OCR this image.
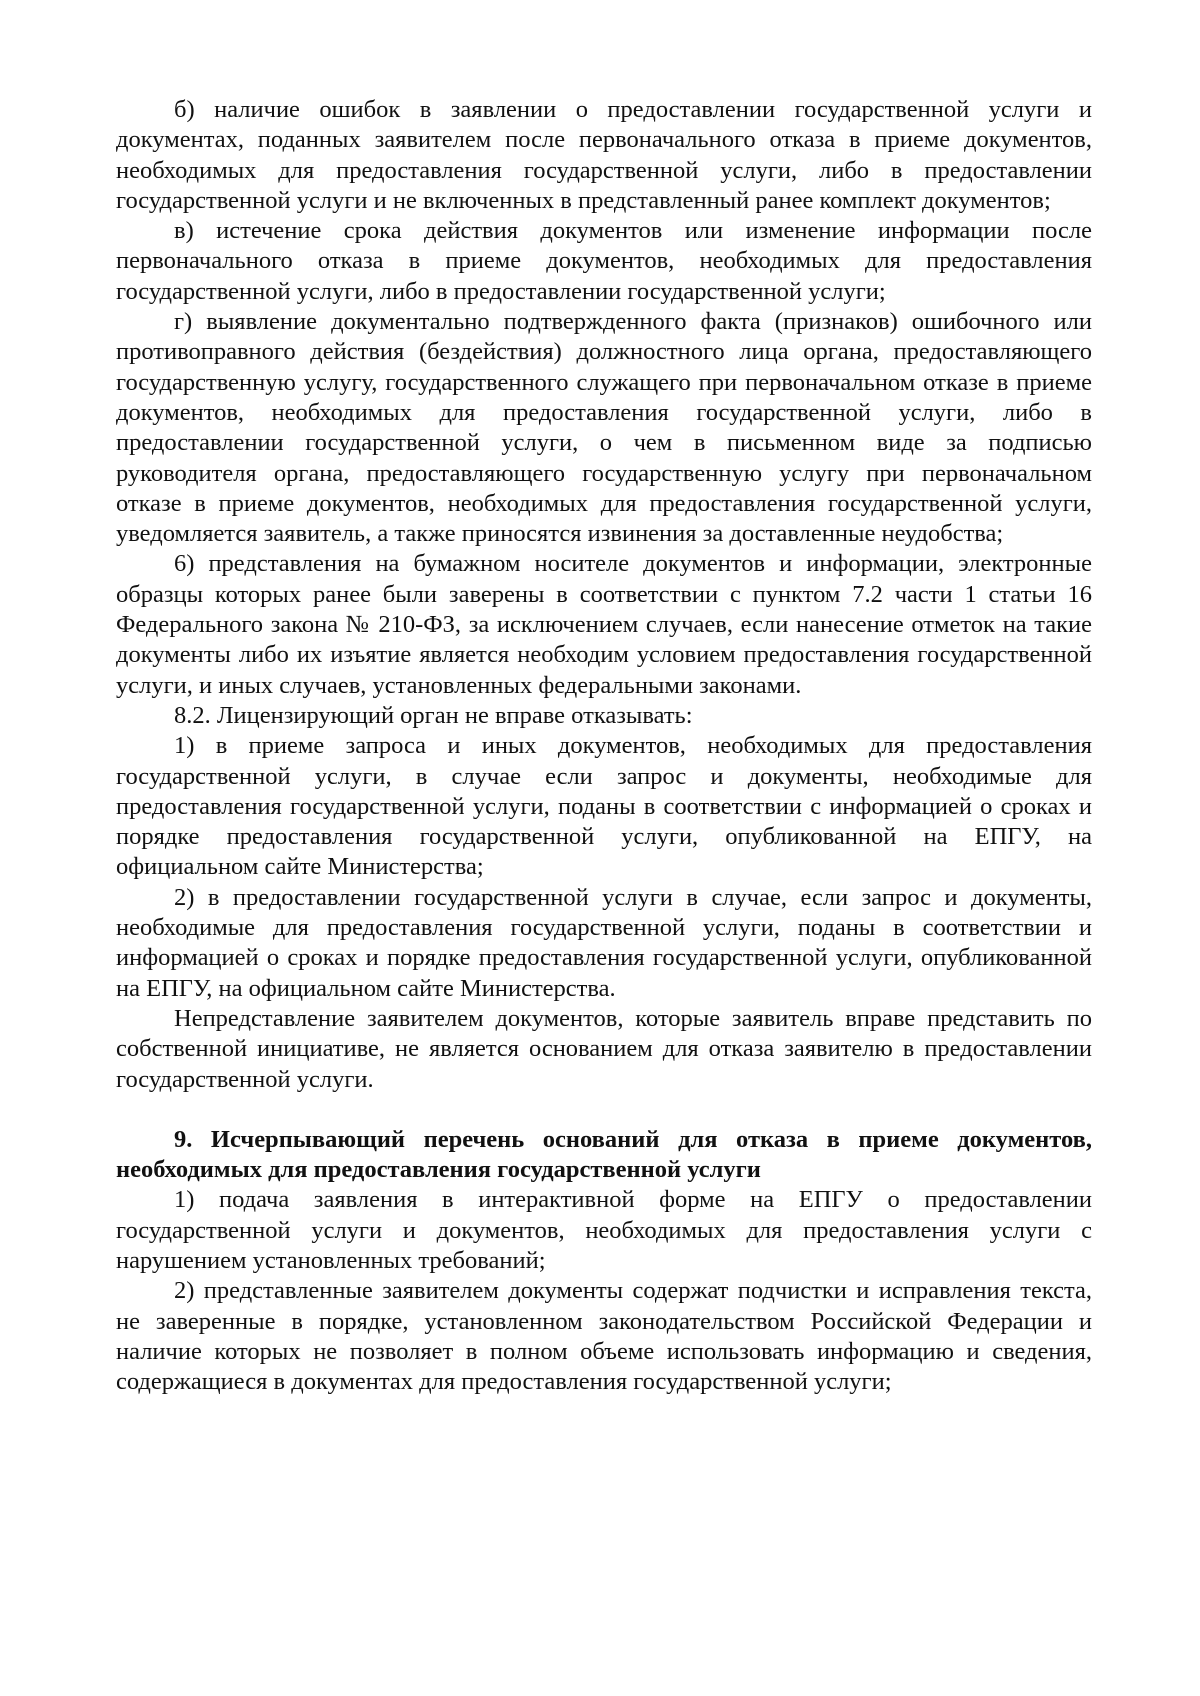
б) наличие ошибок в заявлении о предоставлении государственной услуги и документах, поданных заявителем после первоначального отказа в приеме документов, необходимых для предоставления государственной услуги, либо в предоставлении государственной услуги и не включенных в представленный ранее комплект документов;

в) истечение срока действия документов или изменение информации после первоначального отказа в приеме документов, необходимых для предоставления государственной услуги, либо в предоставлении государственной услуги;

г) выявление документально подтвержденного факта (признаков) ошибочного или противоправного действия (бездействия) должностного лица органа, предоставляющего государственную услугу, государственного служащего при первоначальном отказе в приеме документов, необходимых для предоставления государственной услуги, либо в предоставлении государственной услуги, о чем в письменном виде за подписью руководителя органа, предоставляющего государственную услугу при первоначальном отказе в приеме документов, необходимых для предоставления государственной услуги, уведомляется заявитель, а также приносятся извинения за доставленные неудобства;

6) представления на бумажном носителе документов и информации, электронные образцы которых ранее были заверены в соответствии с пунктом 7.2 части 1 статьи 16 Федерального закона № 210-ФЗ, за исключением случаев, если нанесение отметок на такие документы либо их изъятие является необходим условием предоставления государственной услуги, и иных случаев, установленных федеральными законами.

8.2. Лицензирующий орган не вправе отказывать:

1) в приеме запроса и иных документов, необходимых для предоставления государственной услуги, в случае если запрос и документы, необходимые для предоставления государственной услуги, поданы в соответствии с информацией о сроках и порядке предоставления государственной услуги, опубликованной на ЕПГУ, на официальном сайте Министерства;

2) в предоставлении государственной услуги в случае, если запрос и документы, необходимые для предоставления государственной услуги, поданы в соответствии и информацией о сроках и порядке предоставления государственной услуги, опубликованной на ЕПГУ, на официальном сайте Министерства.

Непредставление заявителем документов, которые заявитель вправе представить по собственной инициативе, не является основанием для отказа заявителю в предоставлении государственной услуги.

9. Исчерпывающий перечень оснований для отказа в приеме документов, необходимых для предоставления государственной услуги

1) подача заявления в интерактивной форме на ЕПГУ о предоставлении государственной услуги и документов, необходимых для предоставления услуги с нарушением установленных требований;

2) представленные заявителем документы содержат подчистки и исправления текста, не заверенные в порядке, установленном законодательством Российской Федерации и наличие которых не позволяет в полном объеме использовать информацию и сведения, содержащиеся в документах для предоставления государственной услуги;
